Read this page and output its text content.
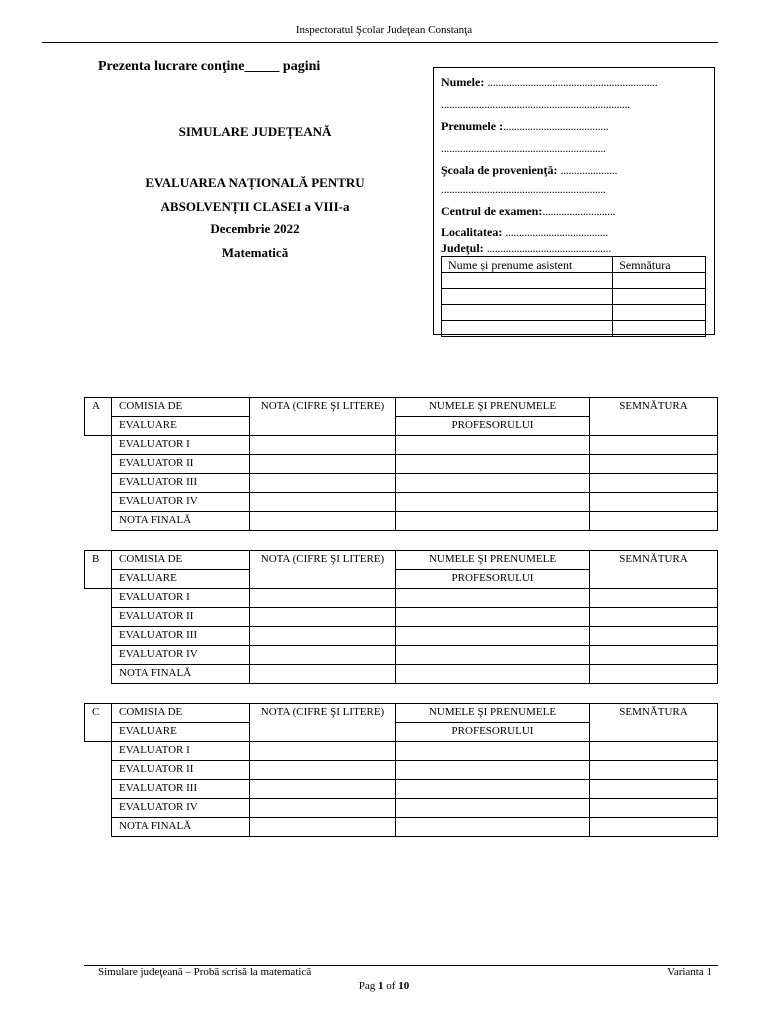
Inspectoratul Şcolar Judeţean Constanţa
Prezenta lucrare conţine_____ pagini
SIMULARE JUDEȚEANĂ
EVALUAREA NAȚIONALĂ PENTRU
ABSOLVENȚII CLASEI a VIII-a
Decembrie 2022
Matematică
Numele: ...............................................................
......................................................................
Prenumele :.......................................
.............................................................
Şcoala de provenienţă: .....................
.............................................................
Centrul de examen:...........................
Localitatea: ......................................
Judeţul: ..............................................
Nume și prenume asistent	Semnătura

A	COMISIA DE	NOTA (CIFRE ŞI LITERE)	NUMELE ŞI PRENUMELE	SEMNĂTURA
	EVALUARE		PROFESORULUI	
	EVALUATOR I			
	EVALUATOR II			
	EVALUATOR III			
	EVALUATOR IV			
	NOTA FINALĂ			
B	COMISIA DE	NOTA (CIFRE ŞI LITERE)	NUMELE ŞI PRENUMELE	SEMNĂTURA
	EVALUARE		PROFESORULUI	
	EVALUATOR I			
	EVALUATOR II			
	EVALUATOR III			
	EVALUATOR IV			
	NOTA FINALĂ			
C	COMISIA DE	NOTA (CIFRE ŞI LITERE)	NUMELE ŞI PRENUMELE	SEMNĂTURA
	EVALUARE		PROFESORULUI	
	EVALUATOR I			
	EVALUATOR II			
	EVALUATOR III			
	EVALUATOR IV			
	NOTA FINALĂ			
Simulare judeţeană – Probă scrisă la matematică	Varianta 1
Pag 1 of 10
